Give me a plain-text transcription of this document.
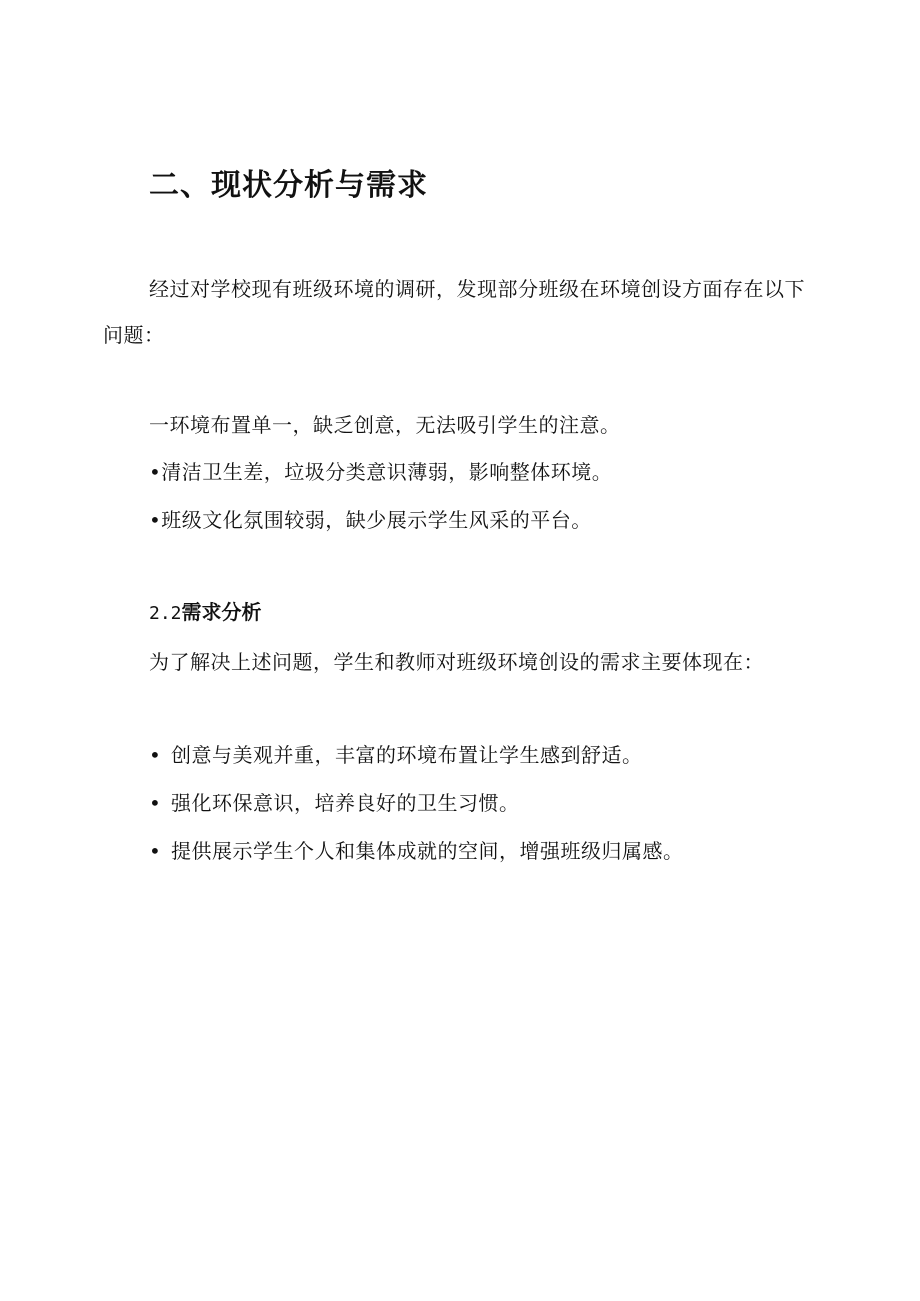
二、现状分析与需求
经过对学校现有班级环境的调研，发现部分班级在环境创设方面存在以下问题：
一环境布置单一，缺乏创意，无法吸引学生的注意。
•清洁卫生差，垃圾分类意识薄弱，影响整体环境。
•班级文化氛围较弱，缺少展示学生风采的平台。
2.2需求分析
为了解决上述问题，学生和教师对班级环境创设的需求主要体现在：
• 创意与美观并重，丰富的环境布置让学生感到舒适。
• 强化环保意识，培养良好的卫生习惯。
• 提供展示学生个人和集体成就的空间，增强班级归属感。
